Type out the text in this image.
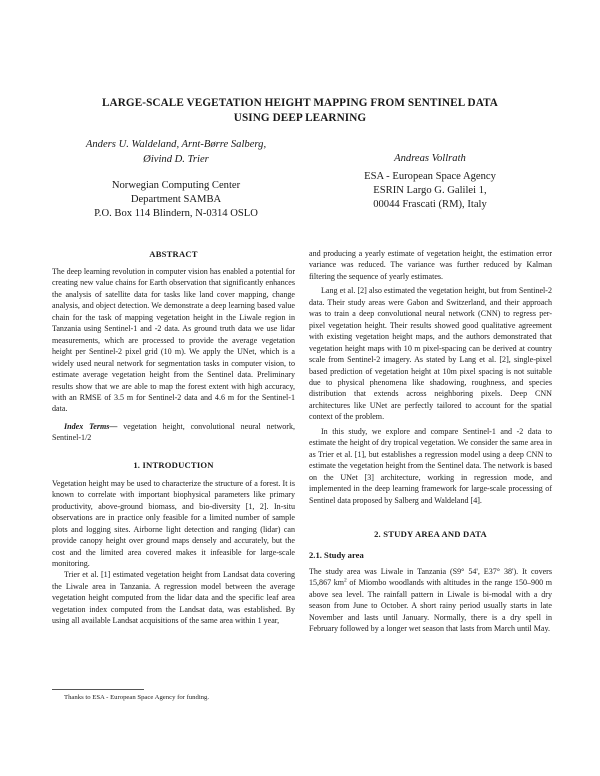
LARGE-SCALE VEGETATION HEIGHT MAPPING FROM SENTINEL DATA
USING DEEP LEARNING
Anders U. Waldeland, Arnt-Børre Salberg,
Øivind D. Trier
Norwegian Computing Center
Department SAMBA
P.O. Box 114 Blindern, N-0314 OSLO
Andreas Vollrath
ESA - European Space Agency
ESRIN Largo G. Galilei 1,
00044 Frascati (RM), Italy
ABSTRACT

The deep learning revolution in computer vision has enabled a potential for creating new value chains for Earth observation that significantly enhances the analysis of satellite data for tasks like land cover mapping, change analysis, and object detection. We demonstrate a deep learning based value chain for the task of mapping vegetation height in the Liwale region in Tanzania using Sentinel-1 and -2 data. As ground truth data we use lidar measurements, which are processed to provide the average vegetation height per Sentinel-2 pixel grid (10 m). We apply the UNet, which is a widely used neural network for segmentation tasks in computer vision, to estimate average vegetation height from the Sentinel data. Preliminary results show that we are able to map the forest extent with high accuracy, with an RMSE of 3.5 m for Sentinel-2 data and 4.6 m for the Sentinel-1 data.

Index Terms— vegetation height, convolutional neural network, Sentinel-1/2

1. INTRODUCTION

Vegetation height may be used to characterize the structure of a forest. It is known to correlate with important biophysical parameters like primary productivity, above-ground biomass, and bio-diversity [1, 2]. In-situ observations are in practice only feasible for a limited number of sample plots and logging sites. Airborne light detection and ranging (lidar) can provide canopy height over ground maps densely and accurately, but the cost and the limited area covered makes it infeasible for large-scale monitoring.

Trier et al. [1] estimated vegetation height from Landsat data covering the Liwale area in Tanzania. A regression model between the average vegetation height computed from the lidar data and the specific leaf area vegetation index computed from the Landsat data, was established. By using all available Landsat acquisitions of the same area within 1 year,

and producing a yearly estimate of vegetation height, the estimation error variance was reduced. The variance was further reduced by Kalman filtering the sequence of yearly estimates.

Lang et al. [2] also estimated the vegetation height, but from Sentinel-2 data. Their study areas were Gabon and Switzerland, and their approach was to train a deep convolutional neural network (CNN) to regress per-pixel vegetation height. Their results showed good qualitative agreement with existing vegetation height maps, and the authors demonstrated that vegetation height maps with 10 m pixel-spacing can be derived at country scale from Sentinel-2 imagery. As stated by Lang et al. [2], single-pixel based prediction of vegetation height at 10m pixel spacing is not suitable due to physical phenomena like shadowing, roughness, and species distribution that extends across neighboring pixels. Deep CNN architectures like UNet are perfectly tailored to account for the spatial context of the problem.

In this study, we explore and compare Sentinel-1 and -2 data to estimate the height of dry tropical vegetation. We consider the same area in as Trier et al. [1], but establishes a regression model using a deep CNN to estimate the vegetation height from the Sentinel data. The network is based on the UNet [3] architecture, working in regression mode, and implemented in the deep learning framework for large-scale processing of Sentinel data proposed by Salberg and Waldeland [4].

2. STUDY AREA AND DATA
2.1. Study area

The study area was Liwale in Tanzania (S9° 54', E37° 38'). It covers 15,867 $km^2$ of Miombo woodlands with altitudes in the range 150–900 m above sea level. The rainfall pattern in Liwale is bi-modal with a dry season from June to October. A short rainy period usually starts in late November and lasts until January. Normally, there is a dry spell in February followed by a longer wet season that lasts from March until May.

Thanks to ESA - European Space Agency for funding.
